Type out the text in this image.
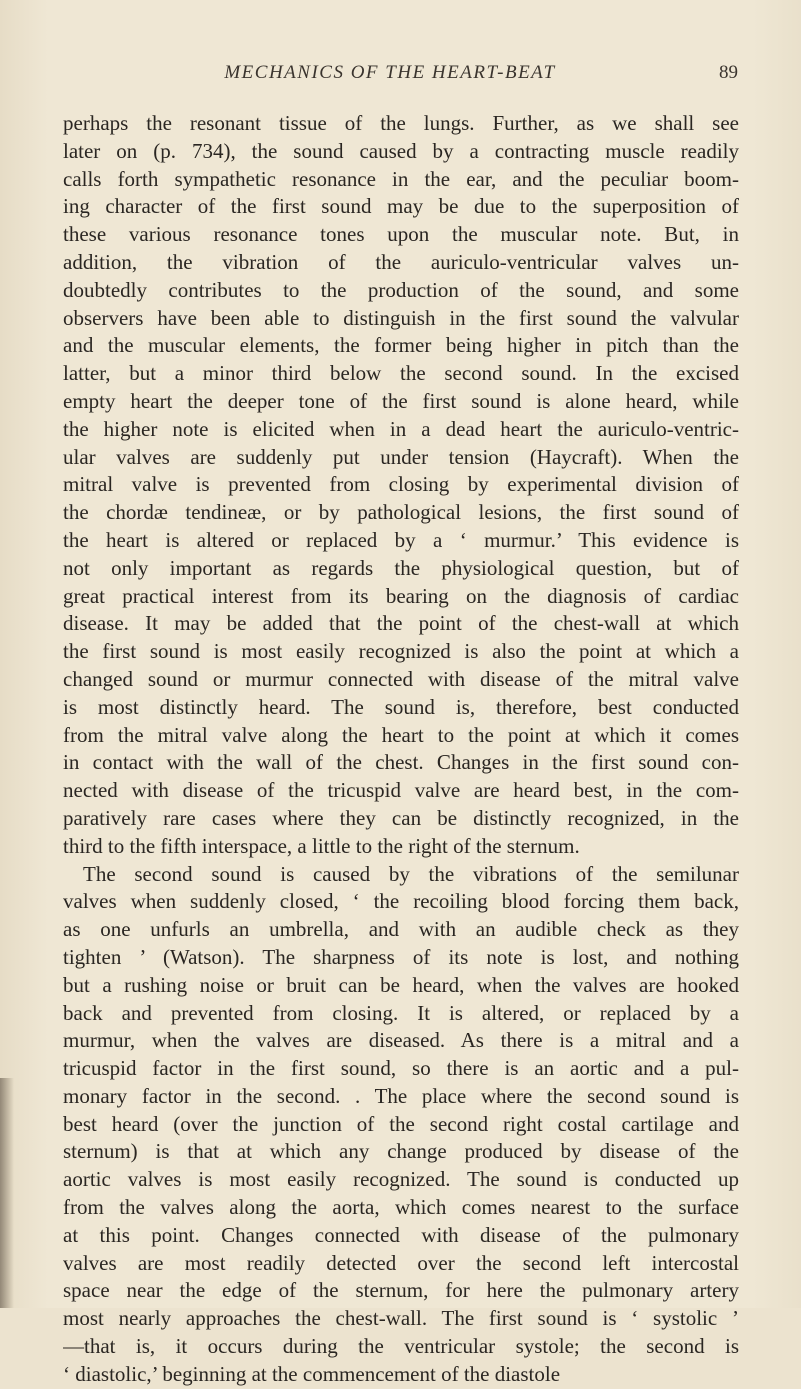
MECHANICS OF THE HEART-BEAT	89
perhaps the resonant tissue of the lungs. Further, as we shall see
later on (p. 734), the sound caused by a contracting muscle readily
calls forth sympathetic resonance in the ear, and the peculiar boom-
ing character of the first sound may be due to the superposition of
these various resonance tones upon the muscular note. But, in
addition, the vibration of the auriculo-ventricular valves un-
doubtedly contributes to the production of the sound, and some
observers have been able to distinguish in the first sound the valvular
and the muscular elements, the former being higher in pitch than the
latter, but a minor third below the second sound. In the excised
empty heart the deeper tone of the first sound is alone heard, while
the higher note is elicited when in a dead heart the auriculo-ventric-
ular valves are suddenly put under tension (Haycraft). When the
mitral valve is prevented from closing by experimental division of
the chordæ tendineæ, or by pathological lesions, the first sound of
the heart is altered or replaced by a ‘ murmur.’ This evidence is
not only important as regards the physiological question, but of
great practical interest from its bearing on the diagnosis of cardiac
disease. It may be added that the point of the chest-wall at which
the first sound is most easily recognized is also the point at which a
changed sound or murmur connected with disease of the mitral valve
is most distinctly heard. The sound is, therefore, best conducted
from the mitral valve along the heart to the point at which it comes
in contact with the wall of the chest. Changes in the first sound con-
nected with disease of the tricuspid valve are heard best, in the com-
paratively rare cases where they can be distinctly recognized, in the
third to the fifth interspace, a little to the right of the sternum.
The second sound is caused by the vibrations of the semilunar
valves when suddenly closed, ‘ the recoiling blood forcing them back,
as one unfurls an umbrella, and with an audible check as they
tighten ’ (Watson). The sharpness of its note is lost, and nothing
but a rushing noise or bruit can be heard, when the valves are hooked
back and prevented from closing. It is altered, or replaced by a
murmur, when the valves are diseased. As there is a mitral and a
tricuspid factor in the first sound, so there is an aortic and a pul-
monary factor in the second. . The place where the second sound is
best heard (over the junction of the second right costal cartilage and
sternum) is that at which any change produced by disease of the
aortic valves is most easily recognized. The sound is conducted up
from the valves along the aorta, which comes nearest to the surface
at this point. Changes connected with disease of the pulmonary
valves are most readily detected over the second left intercostal
space near the edge of the sternum, for here the pulmonary artery
most nearly approaches the chest-wall. The first sound is ‘ systolic ’
—that is, it occurs during the ventricular systole; the second is
‘ diastolic,’ beginning at the commencement of the diastole
